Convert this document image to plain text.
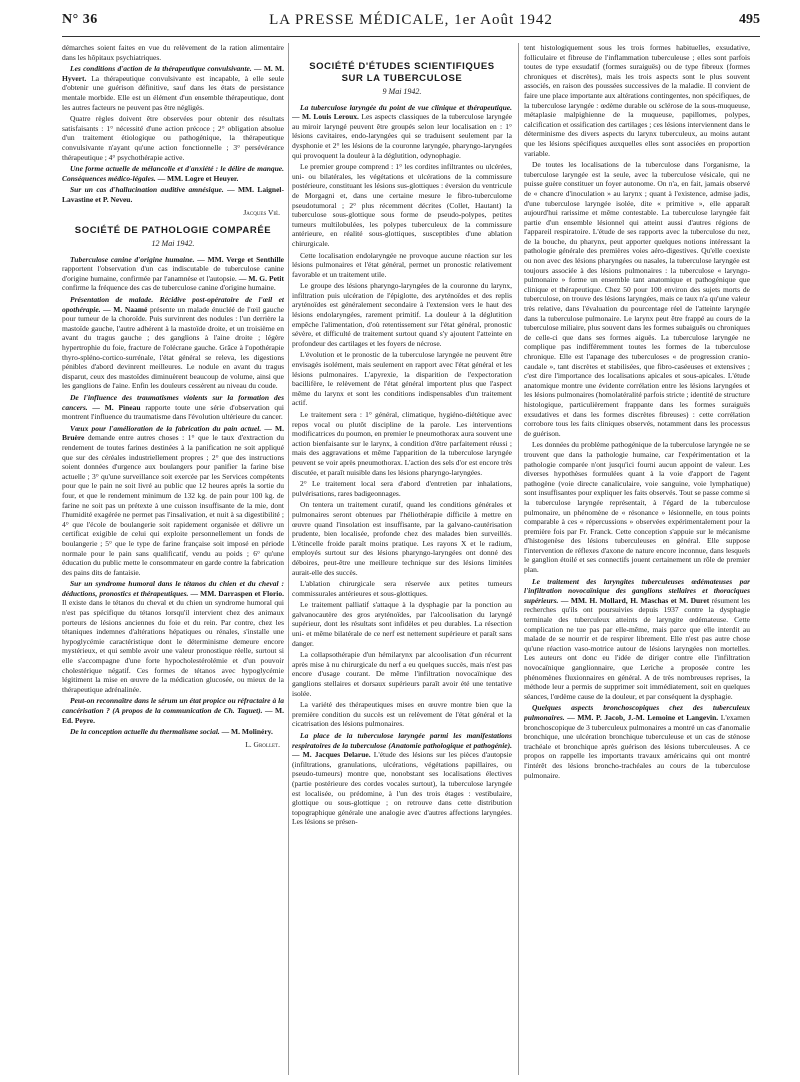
N° 36	LA PRESSE MÉDICALE, 1er Août 1942	495

démarches soient faites en vue du relèvement de la ration alimentaire dans les hôpitaux psychiatriques.

Les conditions d'action de la thérapeutique convulsivante. — M. M. Hyvert. La thérapeutique convulsivante est incapable, à elle seule d'obtenir une guérison définitive, sauf dans les états de persistance mentale morbide. Elle est un élément d'un ensemble thérapeutique, dont les autres facteurs ne peuvent pas être négligés.

Quatre règles doivent être observées pour obtenir des résultats satisfaisants : 1° nécessité d'une action précoce ; 2° obligation absolue d'un traitement étiologique ou pathogénique, la thérapeutique convulsivante n'ayant qu'une action fonctionnelle ; 3° persévérance thérapeutique ; 4° psychothérapie active.

Une forme actuelle de mélancolie et d'anxiété : le délire de manque. Conséquences médico-légales. — MM. Logre et Heuyer.

Sur un cas d'hallucination auditive amnésique. — MM. Laignel-Lavastine et P. Neveu.

Jacques Vié.
SOCIÉTÉ DE PATHOLOGIE COMPARÉE
12 Mai 1942.

Tuberculose canine d'origine humaine. — MM. Verge et Senthille rapportent l'observation d'un cas indiscutable de tuberculose canine d'origine humaine, confirmée par l'anamnèse et l'autopsie. — M. G. Petit confirme la fréquence des cas de tuberculose canine d'origine humaine.

Présentation de malade. Récidive post-opératoire de l'œil et opothérapie. — M. Naamé présente un malade énucléé de l'œil gauche pour tumeur de la choroïde. Puis survinrent des nodules : l'un derrière la mastoïde gauche, l'autre adhérent à la mastoïde droite, et un troisième en avant du tragus gauche ; des ganglions à l'aine droite ; légère hypertrophie du foie, fracture de l'olécrane gauche. Grâce à l'opothérapie thyro-spléno-cortico-surrénale, l'état général se releva, les digestions pénibles d'abord devinrent meilleures. Le nodule en avant du tragus disparut, ceux des mastoïdes diminuèrent beaucoup de volume, ainsi que les ganglions de l'aine. Enfin les douleurs cessèrent au niveau du coude.

De l'influence des traumatismes violents sur la formation des cancers. — M. Pineau rapporte toute une série d'observation qui montrent l'influence du traumatisme dans l'évolution ultérieure du cancer.

Vœux pour l'amélioration de la fabrication du pain actuel. — M. Bruère demande entre autres choses : 1° que le taux d'extraction du rendement de toutes farines destinées à la panification ne soit appliqué que sur des céréales industriellement propres ; 2° que des instructions soient données d'urgence aux boulangers pour panifier la farine bise actuelle ; 3° qu'une surveillance soit exercée par les Services compétents pour que le pain ne soit livré au public que 12 heures après la sortie du four, et que le rendement minimum de 132 kg. de pain pour 100 kg. de farine ne soit pas un prétexte à une cuisson insuffisante de la mie, dont l'humidité exagérée ne permet pas l'insalivation, et nuit à sa digestibilité ; 4° que l'école de boulangerie soit rapidement organisée et délivre un certificat exigible de celui qui exploite personnellement un fonds de boulangerie ; 5° que le type de farine française soit imposé en période normale pour le pain sans qualificatif, vendu au poids ; 6° qu'une éducation du public mette le consommateur en garde contre la fabrication des pains dits de fantaisie.

Sur un syndrome humoral dans le tétanos du chien et du cheval : déductions, pronostics et thérapeutiques. — MM. Darraspen et Florio. Il existe dans le tétanos du cheval et du chien un syndrome humoral qui n'est pas spécifique du tétanos lorsqu'il intervient chez des animaux porteurs de lésions anciennes du foie et du rein. Par contre, chez les tétaniques indemnes d'altérations hépatiques ou rénales, s'installe une hypoglycémie caractéristique dont le déterminisme demeure encore mystérieux, et qui semble avoir une valeur pronostique réelle, surtout si elle s'accompagne d'une forte hypocholestérolémie et d'un pouvoir cholestérique négatif. Ces formes de tétanos avec hypoglycémie légitiment la mise en œuvre de la médication glucosée, ou mieux de la thérapeutique adrénalinée.

Peut-on reconnaître dans le sérum un état propice ou réfractaire à la cancérisation ? (A propos de la communication de Ch. Taguet). — M. Ed. Peyre.

De la conception actuelle du thermalisme social. — M. Molinéry.

L. Grollet.
SOCIÉTÉ D'ÉTUDES SCIENTIFIQUES
SUR LA TUBERCULOSE
9 Mai 1942.

La tuberculose laryngée du point de vue clinique et thérapeutique. — M. Louis Leroux. Les aspects classiques de la tuberculose laryngée au miroir laryngé peuvent être groupés selon leur localisation en : 1° lésions cavitaires, endo-laryngées qui se traduisent seulement par la dysphonie et 2° les lésions de la couronne laryngée, pharyngo-laryngées qui provoquent la douleur à la déglutition, odynophagie.

Le premier groupe comprend : 1° les cordites infiltrantes ou ulcérées, uni- ou bilatérales, les végétations et ulcérations de la commissure postérieure, constituant les lésions sus-glottiques : éversion du ventricule de Morgagni et, dans une certaine mesure le fibro-tuberculome pseudotumoral ; 2° plus récemment décrites (Collet, Hautant) la tuberculose sous-glottique sous forme de pseudo-polypes, petites tumeurs multilobulées, les polypes tuberculeux de la commissure antérieure, en réalité sous-glottiques, susceptibles d'une ablation chirurgicale.

Cette localisation endolaryngée ne provoque aucune réaction sur les lésions pulmonaires et l'état général, permet un pronostic relativement favorable et un traitement utile.

Le groupe des lésions pharyngo-laryngées de la couronne du larynx, infiltration puis ulcération de l'épiglotte, des aryténoïdes et des replis aryténoïdes est généralement secondaire à l'extension vers le haut des lésions endolaryngées, rarement primitif. La douleur à la déglutition empêche l'alimentation, d'où retentissement sur l'état général, pronostic sévère, et difficulté de traitement surtout quand s'y ajoutent l'atteinte en profondeur des cartilages et les foyers de nécrose.

L'évolution et le pronostic de la tuberculose laryngée ne peuvent être envisagés isolément, mais seulement en rapport avec l'état général et les lésions pulmonaires. L'apyrexie, la disparition de l'expectoration bacillifère, le relèvement de l'état général importent plus que l'aspect même du larynx et sont les conditions indispensables d'un traitement actif.

Le traitement sera : 1° général, climatique, hygiéno-diététique avec repos vocal ou plutôt discipline de la parole. Les interventions modificatrices du poumon, en premier le pneumothorax aura souvent une action bienfaisante sur le larynx, à condition d'être parfaitement réussi ; mais des aggravations et même l'apparition de la tuberculose laryngée peuvent se voir après pneumothorax. L'action des sels d'or est encore très discutée, et paraît nuisible dans les lésions pharyngo-laryngées.

2° Le traitement local sera d'abord d'entretien par inhalations, pulvérisations, rares badigeonnages.

On tentera un traitement curatif, quand les conditions générales et pulmonaires seront obtenues par l'héliothérapie difficile à mettre en œuvre quand l'insolation est insuffisante, par la galvano-cautérisation prudente, bien localisée, profonde chez des malades bien surveillés. L'étincelle froide paraît moins pratique. Les rayons X et le radium, employés surtout sur des lésions pharyngo-laryngées ont donné des déboires, peut-être une meilleure technique sur des lésions limitées aurait-elle des succès.

L'ablation chirurgicale sera réservée aux petites tumeurs commissurales antérieures et sous-glottiques.

Le traitement palliatif s'attaque à la dysphagie par la ponction au galvanocautère des gros aryténoïdes, par l'alcoolisation du laryngé supérieur, dont les résultats sont infidèles et peu durables. La résection uni- et même bilatérale de ce nerf est nettement supérieure et paraît sans danger.

La collapsothérapie d'un hémilarynx par alcoolisation d'un récurrent après mise à nu chirurgicale du nerf a eu quelques succès, mais n'est pas encore d'usage courant. De même l'infiltration novocaïnique des ganglions stellaires et dorsaux supérieurs paraît avoir été une tentative isolée.

La variété des thérapeutiques mises en œuvre montre bien que la première condition du succès est un relèvement de l'état général et la cicatrisation des lésions pulmonaires.

La place de la tuberculose laryngée parmi les manifestations respiratoires de la tuberculose (Anatomie pathologique et pathogénie). — M. Jacques Delarue. L'étude des lésions sur les pièces d'autopsie (infiltrations, granulations, ulcérations, végétations papillaires, ou pseudo-tumeurs) montre que, nonobstant ses localisations électives (partie postérieure des cordes vocales surtout), la tuberculose laryngée est localisée, ou prédomine, à l'un des trois étages : vestibulaire, glottique ou sous-glottique ; on retrouve dans cette distribution topographique générale une analogie avec d'autres affections laryngées. Les lésions se présen-

tent histologiquement sous les trois formes habituelles, exsudative, folliculaire et fibreuse de l'inflammation tuberculeuse ; elles sont parfois toutes de type exsudatif (formes suraiguës) ou de type fibreux (formes chroniques et discrètes), mais les trois aspects sont le plus souvent associés, en raison des poussées successives de la maladie. Il convient de faire une place importante aux altérations contingentes, non spécifiques, de la tuberculose laryngée : œdème durable ou sclérose de la sous-muqueuse, métaplasie malpighienne de la muqueuse, papillomes, polypes, calcification et ossification des cartilages ; ces lésions interviennent dans le déterminisme des divers aspects du larynx tuberculeux, au moins autant que les lésions spécifiques auxquelles elles sont associées en proportion variable.

De toutes les localisations de la tuberculose dans l'organisme, la tuberculose laryngée est la seule, avec la tuberculose vésicale, qui ne puisse guère constituer un foyer autonome. On n'a, en fait, jamais observé de « chancre d'inoculation » au larynx ; quant à l'existence, admise jadis, d'une tuberculose laryngée isolée, dite « primitive », elle apparaît aujourd'hui rarissime et même contestable. La tuberculose laryngée fait partie d'un ensemble lésionnel qui atteint aussi d'autres régions de l'appareil respiratoire. L'étude de ses rapports avec la tuberculose du nez, de la bouche, du pharynx, peut apporter quelques notions intéressant la pathologie générale des premières voies aéro-digestives. Qu'elle coexiste ou non avec des lésions pharyngées ou nasales, la tuberculose laryngée est toujours associée à des lésions pulmonaires : la tuberculose « laryngo-pulmonaire » forme un ensemble tant anatomique et pathogénique que clinique et thérapeutique. Chez 50 pour 100 environ des sujets morts de tuberculose, on trouve des lésions laryngées, mais ce taux n'a qu'une valeur très relative, dans l'évaluation du pourcentage réel de l'atteinte laryngée dans la tuberculose pulmonaire. Le larynx peut être frappé au cours de la tuberculose miliaire, plus souvent dans les formes subaiguës ou chroniques de celle-ci que dans ses formes aiguës. La tuberculose laryngée ne complique pas indifféremment toutes les formes de la tuberculose chronique. Elle est l'apanage des tuberculoses « de progression cranio-caudale », tant discrètes et stabilisées, que fibro-caséeuses et extensives ; c'est dire l'importance des localisations apicales et sous-apicales. L'étude anatomique montre une évidente corrélation entre les lésions laryngées et les lésions pulmonaires (homolatéralité parfois stricte ; identité de structure histologique, particulièrement frappante dans les formes suraiguës exsudatives et dans les formes discrètes fibreuses) : cette corrélation corrobore tous les faits cliniques observés, notamment dans les processus de guérison.

Les données du problème pathogénique de la tuberculose laryngée ne se trouvent que dans la pathologie humaine, car l'expérimentation et la pathologie comparée n'ont jusqu'ici fourni aucun appoint de valeur. Les diverses hypothèses formulées quant à la voie d'apport de l'agent pathogène (voie directe canaliculaire, voie sanguine, voie lymphatique) sont insuffisantes pour expliquer les faits observés. Tout se passe comme si la tuberculose laryngée représentait, à l'égard de la tuberculose pulmonaire, un phénomène de « résonance » lésionnelle, en tous points comparable à ces « répercussions » observées expérimentalement pour la première fois par Fr. Franck. Cette conception s'appuie sur le mécanisme d'histogenèse des lésions tuberculeuses en général. Elle suppose l'intervention de réflexes d'axone de nature encore inconnue, dans lesquels le ganglion étoilé et ses connectifs jouent certainement un rôle de premier plan.

Le traitement des laryngites tuberculeuses œdémateuses par l'infiltration novocaïnique des ganglions stellaires et thoraciques supérieurs. — MM. H. Mollard, H. Maschas et M. Duret résument les recherches qu'ils ont poursuivies depuis 1937 contre la dysphagie terminale des tuberculeux atteints de laryngite œdémateuse. Cette complication ne tue pas par elle-même, mais parce que elle interdit au malade de se nourrir et de respirer librement. Elle n'est pas autre chose qu'une réaction vaso-motrice autour de lésions laryngées non mortelles. Les auteurs ont donc eu l'idée de diriger contre elle l'infiltration novocaïnique ganglionnaire, que Leriche a proposée contre les phénomènes fluxionnaires en général. A de très nombreuses reprises, la méthode leur a permis de supprimer soit immédiatement, soit en quelques séances, l'œdème cause de la douleur, et par conséquent la dysphagie.

Quelques aspects bronchoscopiques chez des tuberculeux pulmonaires. — MM. P. Jacob, J.-M. Lemoine et Langevin. L'examen bronchoscopique de 3 tuberculeux pulmonaires a montré un cas d'anomalie bronchique, une ulcération bronchique tuberculeuse et un cas de sténose trachéale et bronchique après guérison des lésions tuberculeuses. A ce propos on rappelle les importants travaux américains qui ont montré l'intérêt des lésions broncho-trachéales au cours de la tuberculose pulmonaire.
